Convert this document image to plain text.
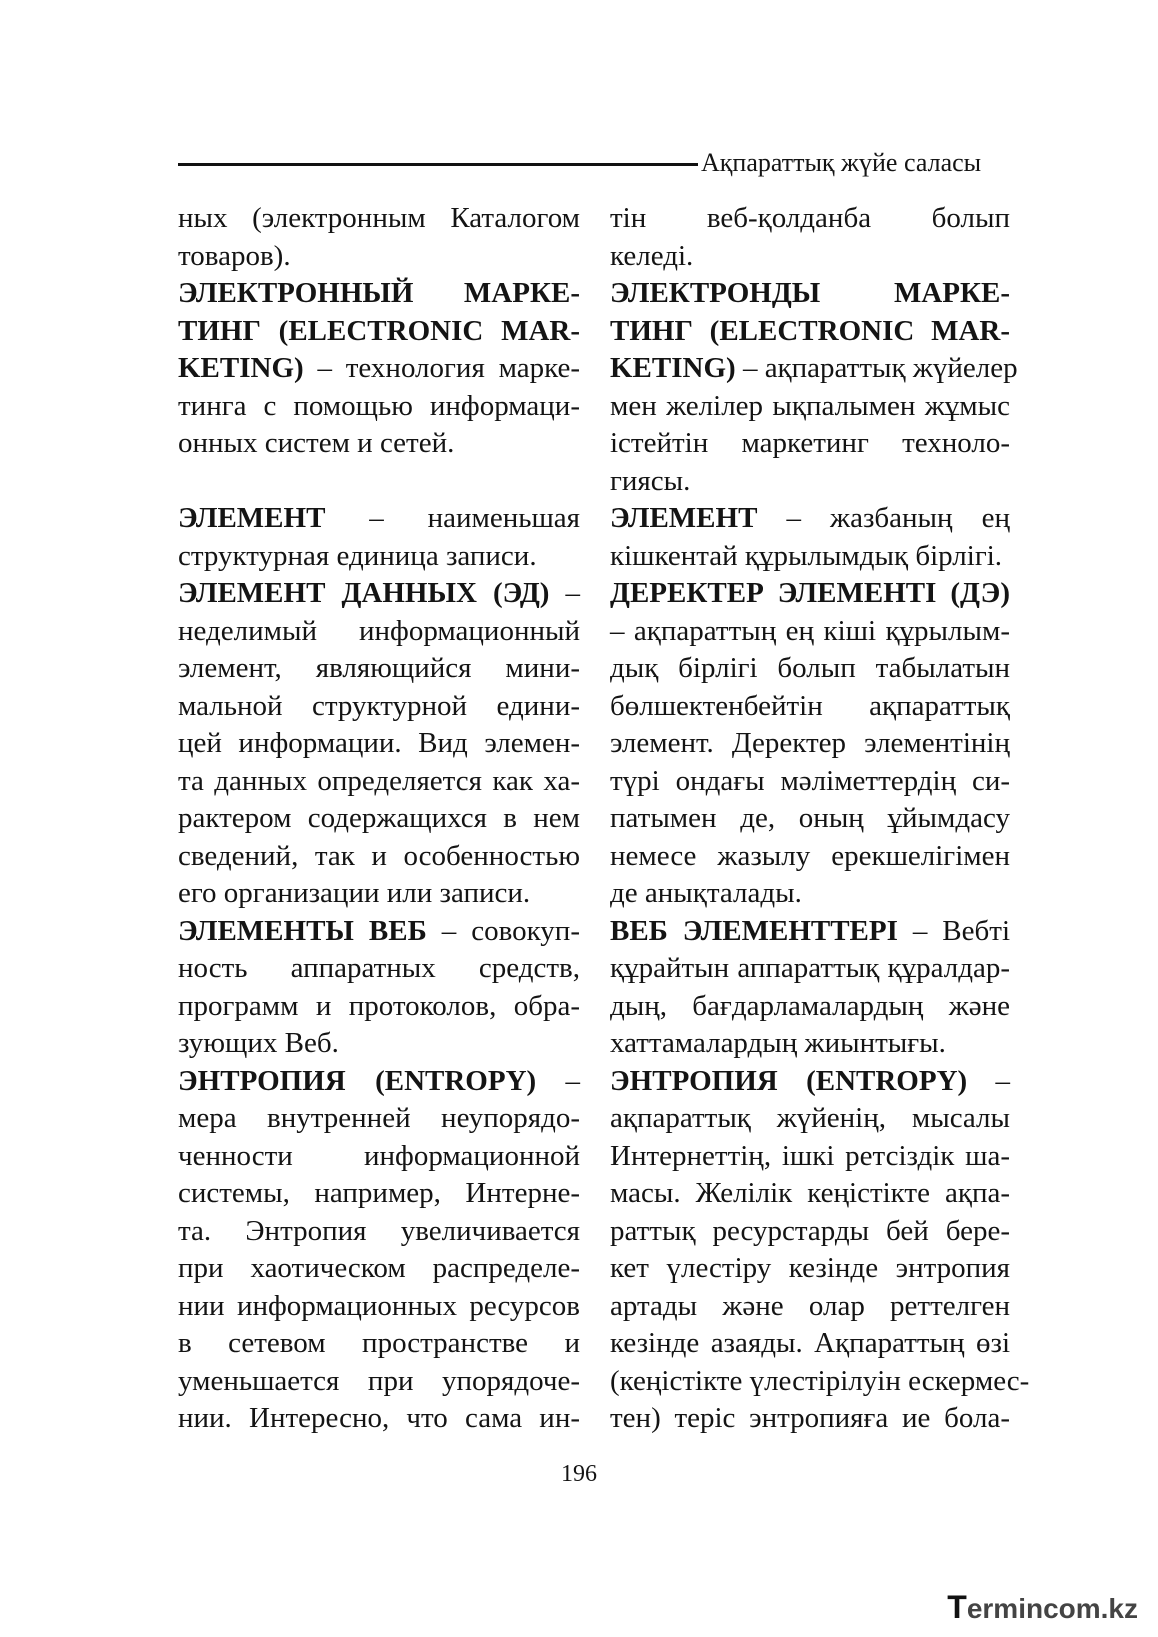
Ақпараттық жүйе саласы
ных (электронным Каталогом
товаров).
ЭЛЕКТРОННЫЙ МАРКЕ-
ТИНГ (ELECTRONIC MAR-
KETING) – технология марке-
тинга с помощью информаци-
онных систем и сетей.
ЭЛЕМЕНТ – наименьшая
структурная единица записи.
ЭЛЕМЕНТ ДАННЫХ (ЭД) –
неделимый информационный
элемент, являющийся мини-
мальной структурной едини-
цей информации. Вид элемен-
та данных определяется как ха-
рактером содержащихся в нем
сведений, так и особенностью
его организации или записи.
ЭЛЕМЕНТЫ ВЕБ – совокуп-
ность аппаратных средств,
программ и протоколов, обра-
зующих Веб.
ЭНТРОПИЯ (ENTROPY) –
мера внутренней неупорядо-
ченности информационной
системы, например, Интерне-
та. Энтропия увеличивается
при хаотическом распределе-
нии информационных ресурсов
в сетевом пространстве и
уменьшается при упорядоче-
нии. Интересно, что сама ин-
тін веб-қолданба болып
келеді.
ЭЛЕКТРОНДЫ МАРКЕ-
ТИНГ (ELECTRONIC MAR-
KETING) – ақпараттық жүйелер
мен желілер ықпалымен жұмыс
істейтін маркетинг техноло-
гиясы.
ЭЛЕМЕНТ – жазбаның ең
кішкентай құрылымдық бірлігі.
ДЕРЕКТЕР ЭЛЕМЕНТІ (ДЭ)
– ақпараттың ең кіші құрылым-
дық бірлігі болып табылатын
бөлшектенбейтін ақпараттық
элемент. Деректер элементінің
түрі ондағы мәліметтердің си-
патымен де, оның ұйымдасу
немесе жазылу ерекшелігімен
де анықталады.
ВЕБ ЭЛЕМЕНТТЕРІ – Вебті
құрайтын аппараттық құралдар-
дың, бағдарламалардың және
хаттамалардың жиынтығы.
ЭНТРОПИЯ (ENTROPY) –
ақпараттық жүйенің, мысалы
Интернеттің, ішкі ретсіздік ша-
масы. Желілік кеңістікте ақпа-
раттық ресурстарды бей бере-
кет үлестіру кезінде энтропия
артады және олар реттелген
кезінде азаяды. Ақпараттың өзі
(кеңістікте үлестірілуін ескермес-
тен) теріс энтропияға ие бола-
196
Termincom.kz
